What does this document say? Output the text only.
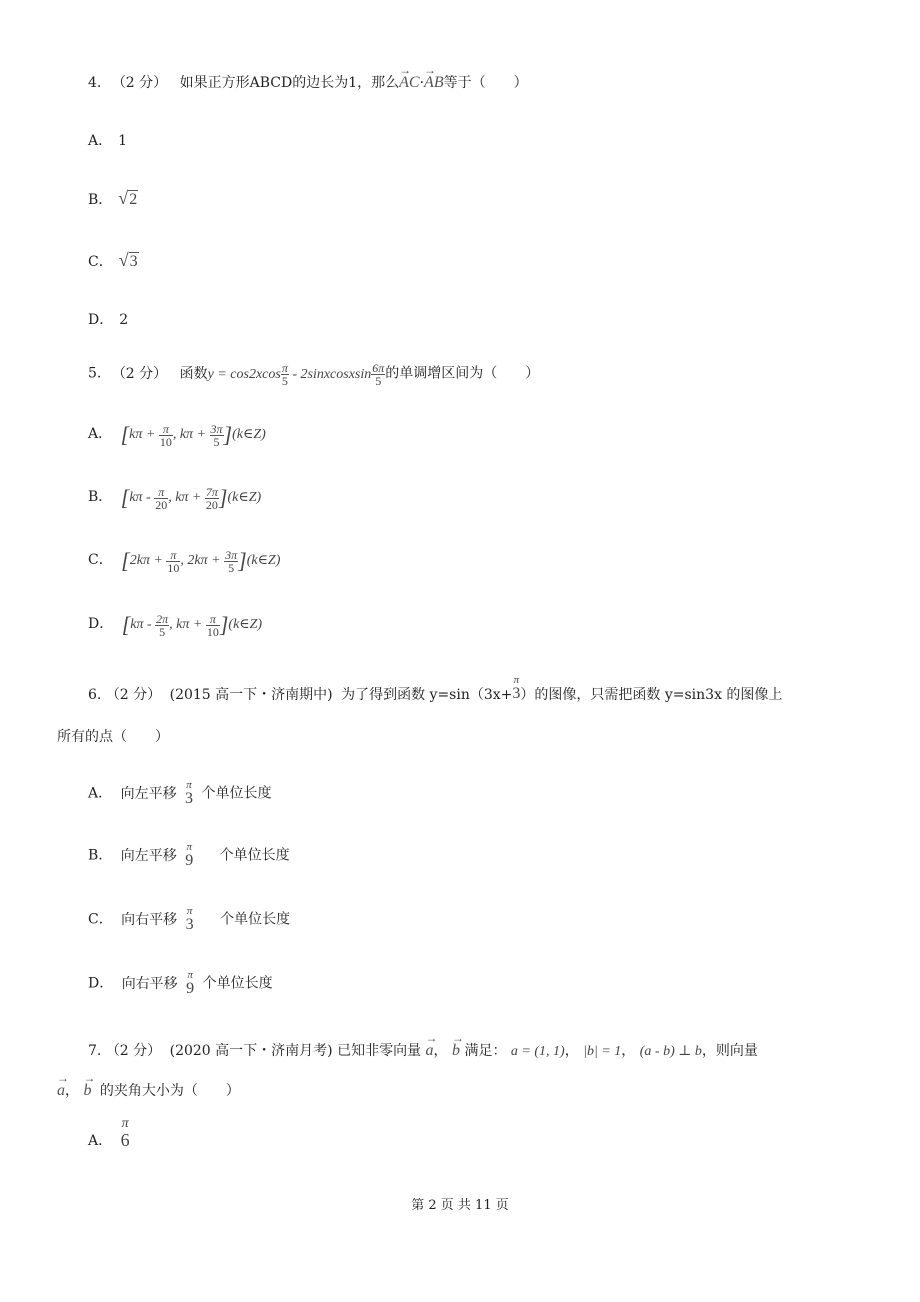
4. （2 分） 如果正方形ABCD的边长为1，那么→ AC·→ AB等于（　　）
A． 1
B． √2
C． √3
D． 2
5. （2 分） 函数$y = \cos 2xcos \frac{\pi}{5}$ - 2sinxcosxsin $\frac{6\pi}{5}$ 的单调增区间为（　　）
A． [$k\pi + \frac{\pi}{10}$ , $k\pi + \frac{3\pi}{5}$ ](k∈Z)
B． [$k\pi - \frac{\pi}{20}$ , $k\pi + \frac{7\pi}{20}$ ](k∈Z)
C． [$2k\pi + \frac{\pi}{10}$ , $2k\pi + \frac{3\pi}{5}$ ](k∈Z)
D． [$k\pi - \frac{2\pi}{5}$ , $k\pi + \frac{\pi}{10}$ ](k∈Z)
6. （2 分） (2015 高一下・济南期中) 为了得到函数 y=sin（3x+
π
3 ）的图像，只需把函数 y=sin3x 的图像上
所有的点（　　）
A． 向左平移
π
3 个单位长度
B． 向左平移
π
9 个单位长度
C． 向右平移
π
3 个单位长度
D． 向右平移
π
9 个单位长度
7. （2 分） (2020 高一下・济南月考) 已知非零向量 → a， → b 满足： a = (1, 1)， |b| = 1， (a - b) ⊥ b，则向量
→ a， → b 的夹角大小为（　　）
A．
π
6
第 2 页 共 11 页
